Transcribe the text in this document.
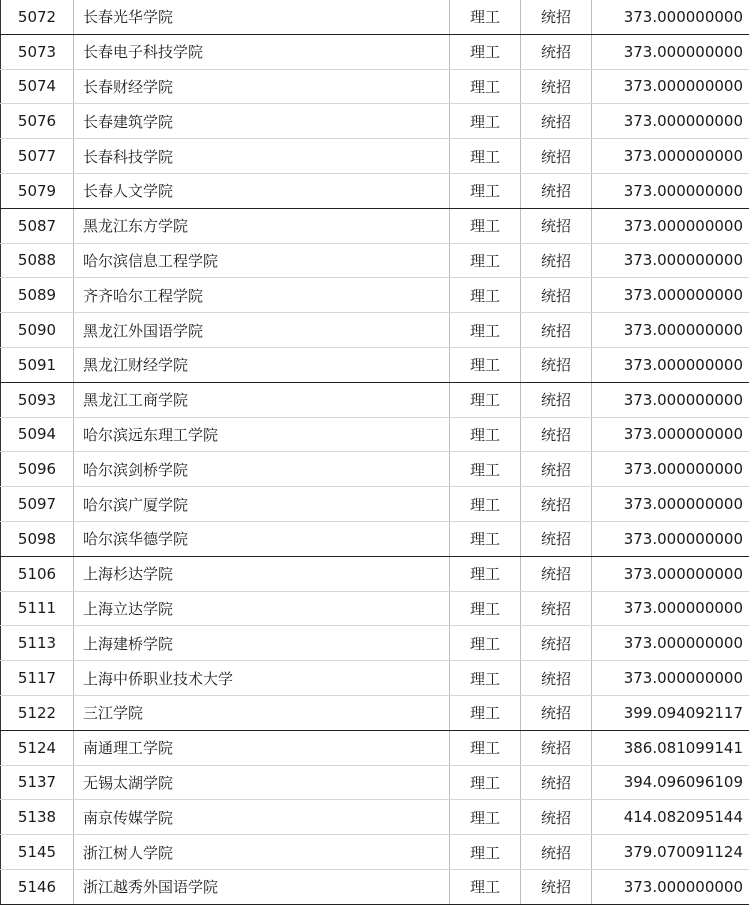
5072	长春光华学院	理工	统招	373.000000000
5073	长春电子科技学院	理工	统招	373.000000000
5074	长春财经学院	理工	统招	373.000000000
5076	长春建筑学院	理工	统招	373.000000000
5077	长春科技学院	理工	统招	373.000000000
5079	长春人文学院	理工	统招	373.000000000
5087	黑龙江东方学院	理工	统招	373.000000000
5088	哈尔滨信息工程学院	理工	统招	373.000000000
5089	齐齐哈尔工程学院	理工	统招	373.000000000
5090	黑龙江外国语学院	理工	统招	373.000000000
5091	黑龙江财经学院	理工	统招	373.000000000
5093	黑龙江工商学院	理工	统招	373.000000000
5094	哈尔滨远东理工学院	理工	统招	373.000000000
5096	哈尔滨剑桥学院	理工	统招	373.000000000
5097	哈尔滨广厦学院	理工	统招	373.000000000
5098	哈尔滨华德学院	理工	统招	373.000000000
5106	上海杉达学院	理工	统招	373.000000000
5111	上海立达学院	理工	统招	373.000000000
5113	上海建桥学院	理工	统招	373.000000000
5117	上海中侨职业技术大学	理工	统招	373.000000000
5122	三江学院	理工	统招	399.094092117
5124	南通理工学院	理工	统招	386.081099141
5137	无锡太湖学院	理工	统招	394.096096109
5138	南京传媒学院	理工	统招	414.082095144
5145	浙江树人学院	理工	统招	379.070091124
5146	浙江越秀外国语学院	理工	统招	373.000000000
